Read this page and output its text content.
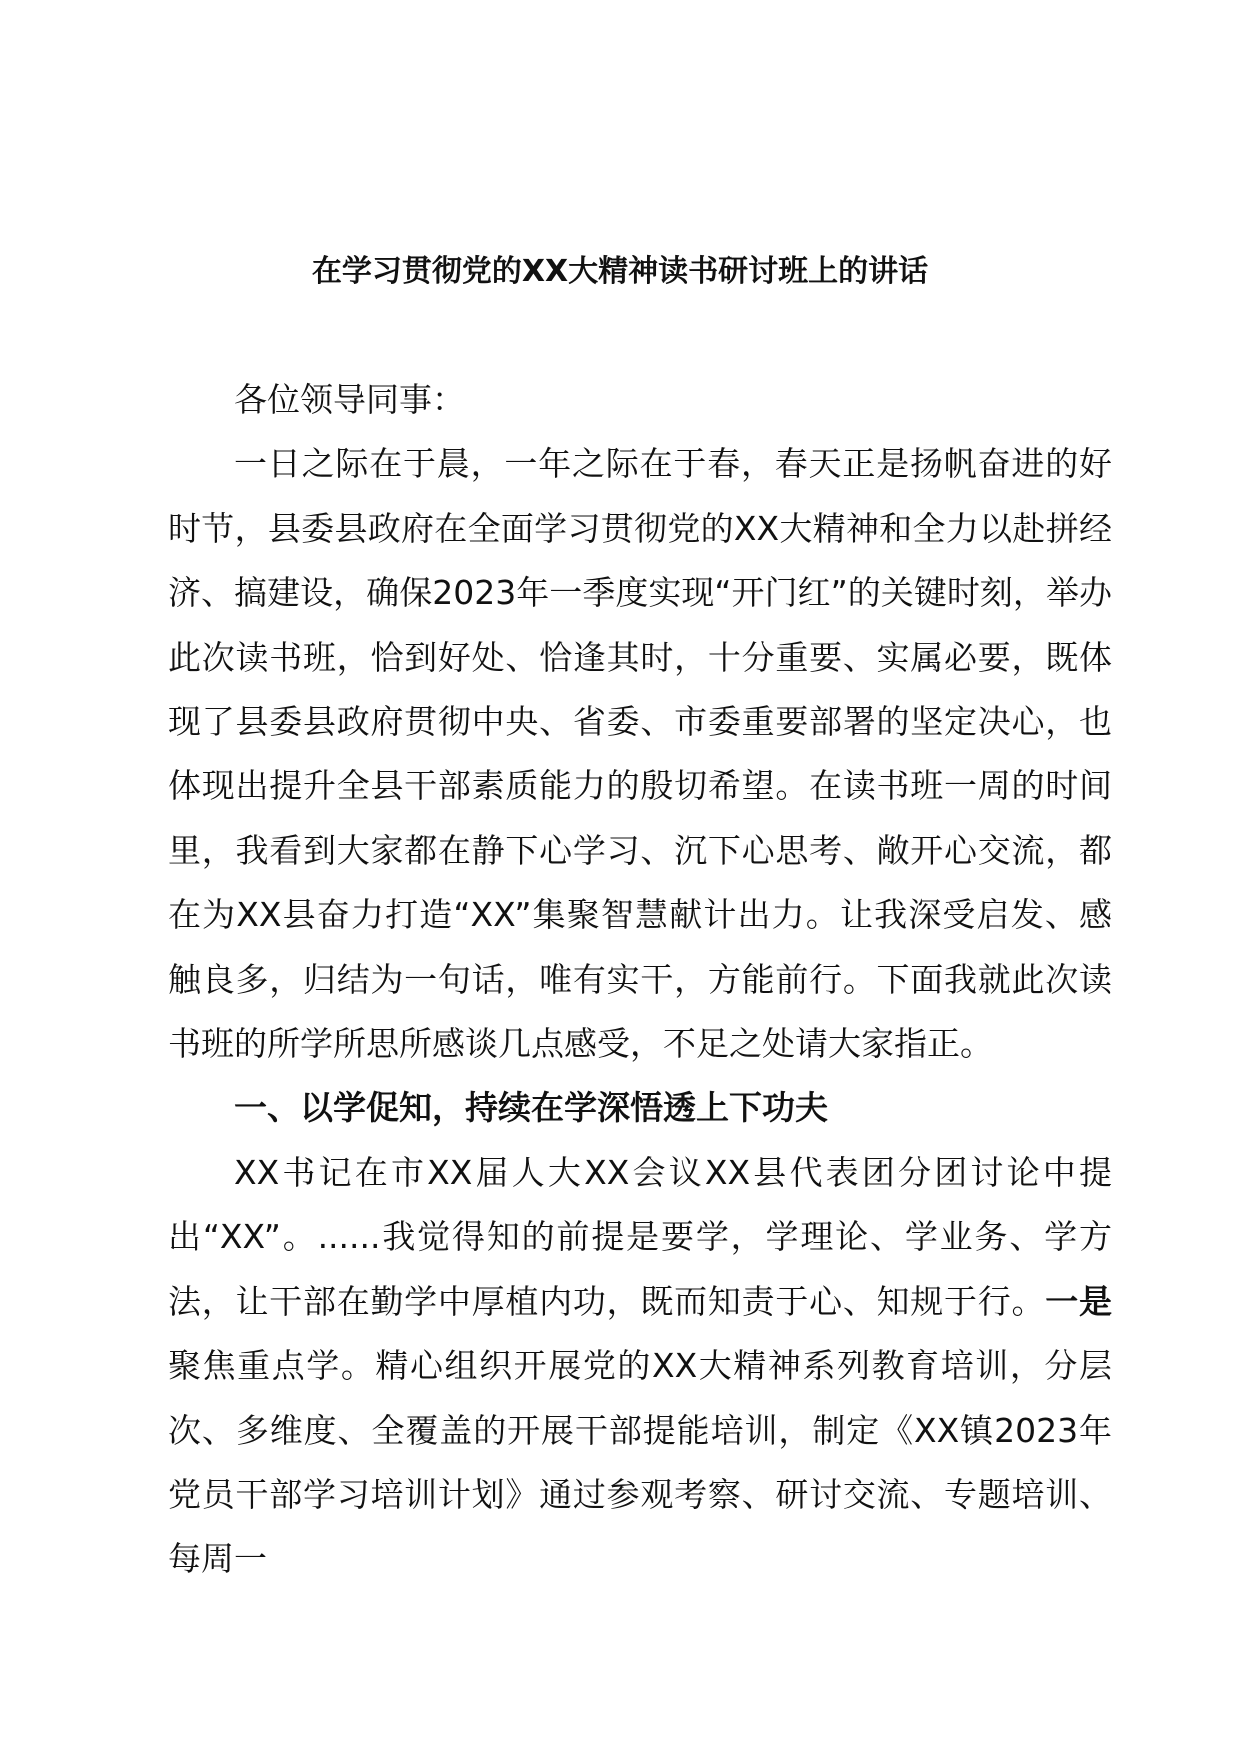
在学习贯彻党的XX大精神读书研讨班上的讲话

各位领导同事：

一日之际在于晨，一年之际在于春，春天正是扬帆奋进的好时节，县委县政府在全面学习贯彻党的XX大精神和全力以赴拼经济、搞建设，确保2023年一季度实现“开门红”的关键时刻，举办此次读书班，恰到好处、恰逢其时，十分重要、实属必要，既体现了县委县政府贯彻中央、省委、市委重要部署的坚定决心，也体现出提升全县干部素质能力的殷切希望。在读书班一周的时间里，我看到大家都在静下心学习、沉下心思考、敞开心交流，都在为XX县奋力打造“XX”集聚智慧献计出力。让我深受启发、感触良多，归结为一句话，唯有实干，方能前行。下面我就此次读书班的所学所思所感谈几点感受，不足之处请大家指正。

一、以学促知，持续在学深悟透上下功夫

XX书记在市XX届人大XX会议XX县代表团分团讨论中提出“XX”。......我觉得知的前提是要学，学理论、学业务、学方法，让干部在勤学中厚植内功，既而知责于心、知规于行。一是聚焦重点学。精心组织开展党的XX大精神系列教育培训，分层次、多维度、全覆盖的开展干部提能培训，制定《XX镇2023年党员干部学习培训计划》通过参观考察、研讨交流、专题培训、每周一
